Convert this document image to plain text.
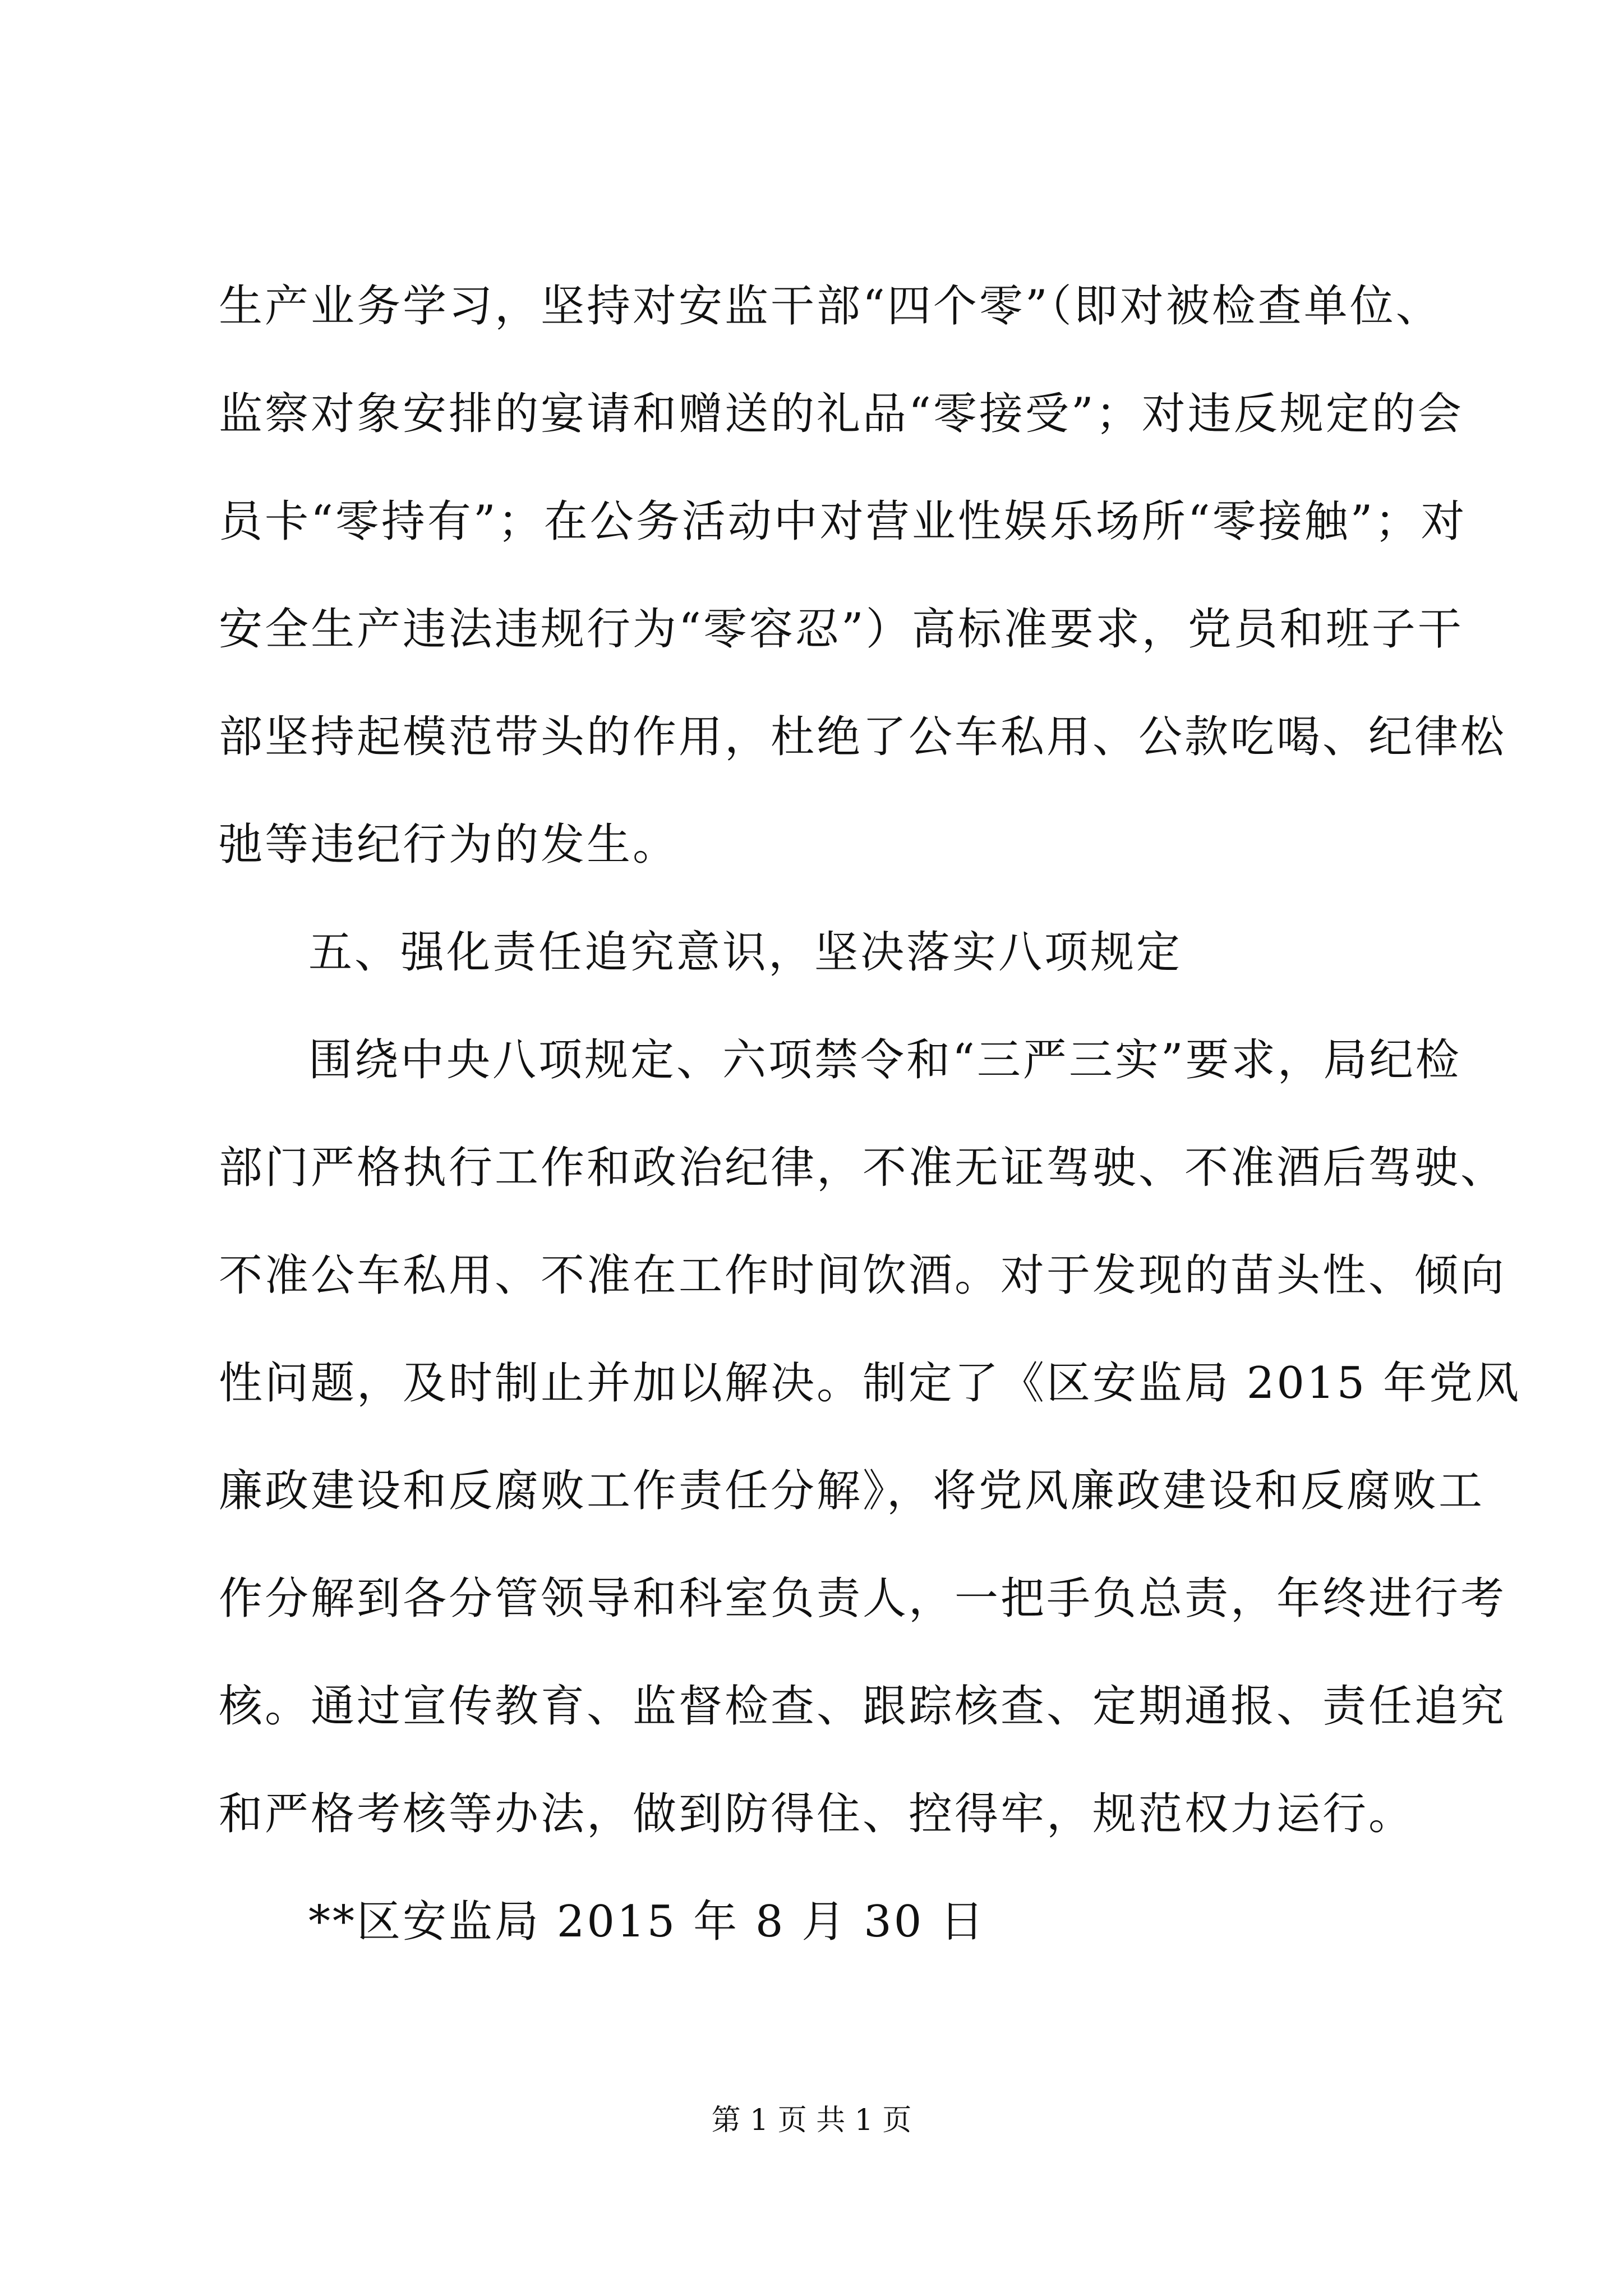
生产业务学习，坚持对安监干部“四个零”（即对被检查单位、
监察对象安排的宴请和赠送的礼品“零接受”；对违反规定的会
员卡“零持有”；在公务活动中对营业性娱乐场所“零接触”；对
安全生产违法违规行为“零容忍”）高标准要求，党员和班子干
部坚持起模范带头的作用，杜绝了公车私用、公款吃喝、纪律松
弛等违纪行为的发生。
五、强化责任追究意识，坚决落实八项规定
围绕中央八项规定、六项禁令和“三严三实”要求，局纪检
部门严格执行工作和政治纪律，不准无证驾驶、不准酒后驾驶、
不准公车私用、不准在工作时间饮酒。对于发现的苗头性、倾向
性问题，及时制止并加以解决。制定了《区安监局 2015 年党风
廉政建设和反腐败工作责任分解》，将党风廉政建设和反腐败工
作分解到各分管领导和科室负责人，一把手负总责，年终进行考
核。通过宣传教育、监督检查、跟踪核查、定期通报、责任追究
和严格考核等办法，做到防得住、控得牢，规范权力运行。
**区安监局 2015 年 8 月 30 日
第 1 页 共 1 页
